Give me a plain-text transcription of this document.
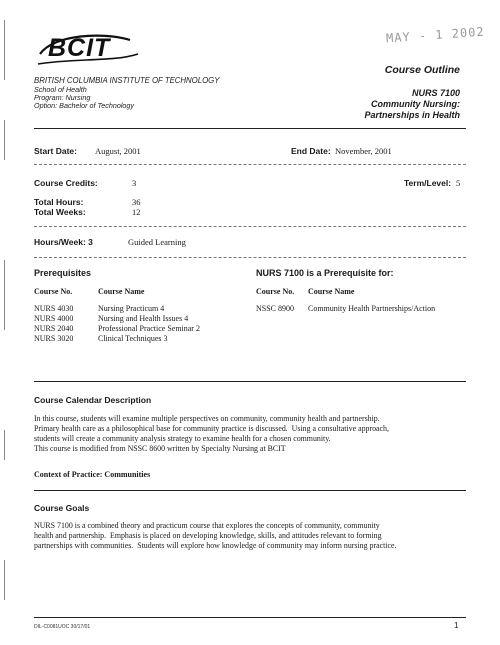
BCIT	MAY - 1 2002
BRITISH COLUMBIA INSTITUTE OF TECHNOLOGY
School of Health
Program: Nursing
Option: Bachelor of Technology
Course Outline
NURS 7100
Community Nursing:
Partnerships in Health
Start Date: August, 2001	End Date: November, 2001
Course Credits:	3	Term/Level: 5
Total Hours:	36
Total Weeks:	12
Hours/Week: 3	Guided Learning
Prerequisites
Course No.	Course Name
NURS 4030	Nursing Practicum 4
NURS 4000	Nursing and Health Issues 4
NURS 2040	Professional Practice Seminar 2
NURS 3020	Clinical Techniques 3
NURS 7100 is a Prerequisite for:
Course No. Course Name
NSSC 8900 Community Health Partnerships/Action
Course Calendar Description
In this course, students will examine multiple perspectives on community, community health and partnership.
Primary health care as a philosophical base for community practice is discussed.  Using a consultative approach,
students will create a community analysis strategy to examine health for a chosen community.
This course is modified from NSSC 8600 written by Specialty Nursing at BCIT
Context of Practice: Communities
Course Goals
NURS 7100 is a combined theory and practicum course that explores the concepts of community, community
health and partnership.  Emphasis is placed on developing knowledge, skills, and attitudes relevant to forming
partnerships with communities.  Students will explore how knowledge of community may inform nursing practice.
DIL-C0081UOC 30/17/01	1
